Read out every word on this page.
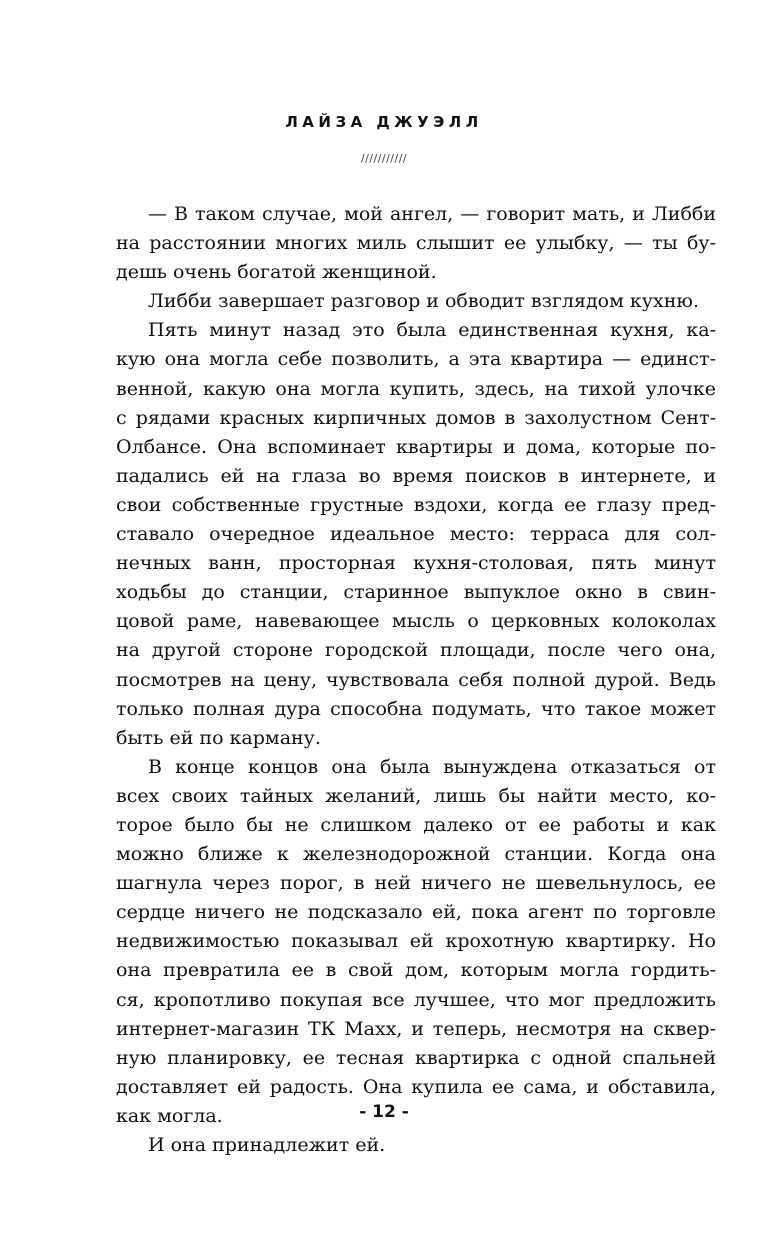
ЛАЙЗА ДЖУЭЛЛ
///////////
— В таком случае, мой ангел, — говорит мать, и Либби
на расстоянии многих миль слышит ее улыбку, — ты бу-
дешь очень богатой женщиной.
Либби завершает разговор и обводит взглядом кухню.
Пять минут назад это была единственная кухня, ка-
кую она могла себе позволить, а эта квартира — единст-
венной, какую она могла купить, здесь, на тихой улочке
с рядами красных кирпичных домов в захолустном Сент-
Олбансе. Она вспоминает квартиры и дома, которые по-
падались ей на глаза во время поисков в интернете, и
свои собственные грустные вздохи, когда ее глазу пред-
ставало очередное идеальное место: терраса для сол-
нечных ванн, просторная кухня-столовая, пять минут
ходьбы до станции, старинное выпуклое окно в свин-
цовой раме, навевающее мысль о церковных колоколах
на другой стороне городской площади, после чего она,
посмотрев на цену, чувствовала себя полной дурой. Ведь
только полная дура способна подумать, что такое может
быть ей по карману.
В конце концов она была вынуждена отказаться от
всех своих тайных желаний, лишь бы найти место, ко-
торое было бы не слишком далеко от ее работы и как
можно ближе к железнодорожной станции. Когда она
шагнула через порог, в ней ничего не шевельнулось, ее
сердце ничего не подсказало ей, пока агент по торговле
недвижимостью показывал ей крохотную квартирку. Но
она превратила ее в свой дом, которым могла гордить-
ся, кропотливо покупая все лучшее, что мог предложить
интернет-магазин ТК Махх, и теперь, несмотря на сквер-
ную планировку, ее тесная квартирка с одной спальней
доставляет ей радость. Она купила ее сама, и обставила,
как могла.
И она принадлежит ей.
- 12 -
